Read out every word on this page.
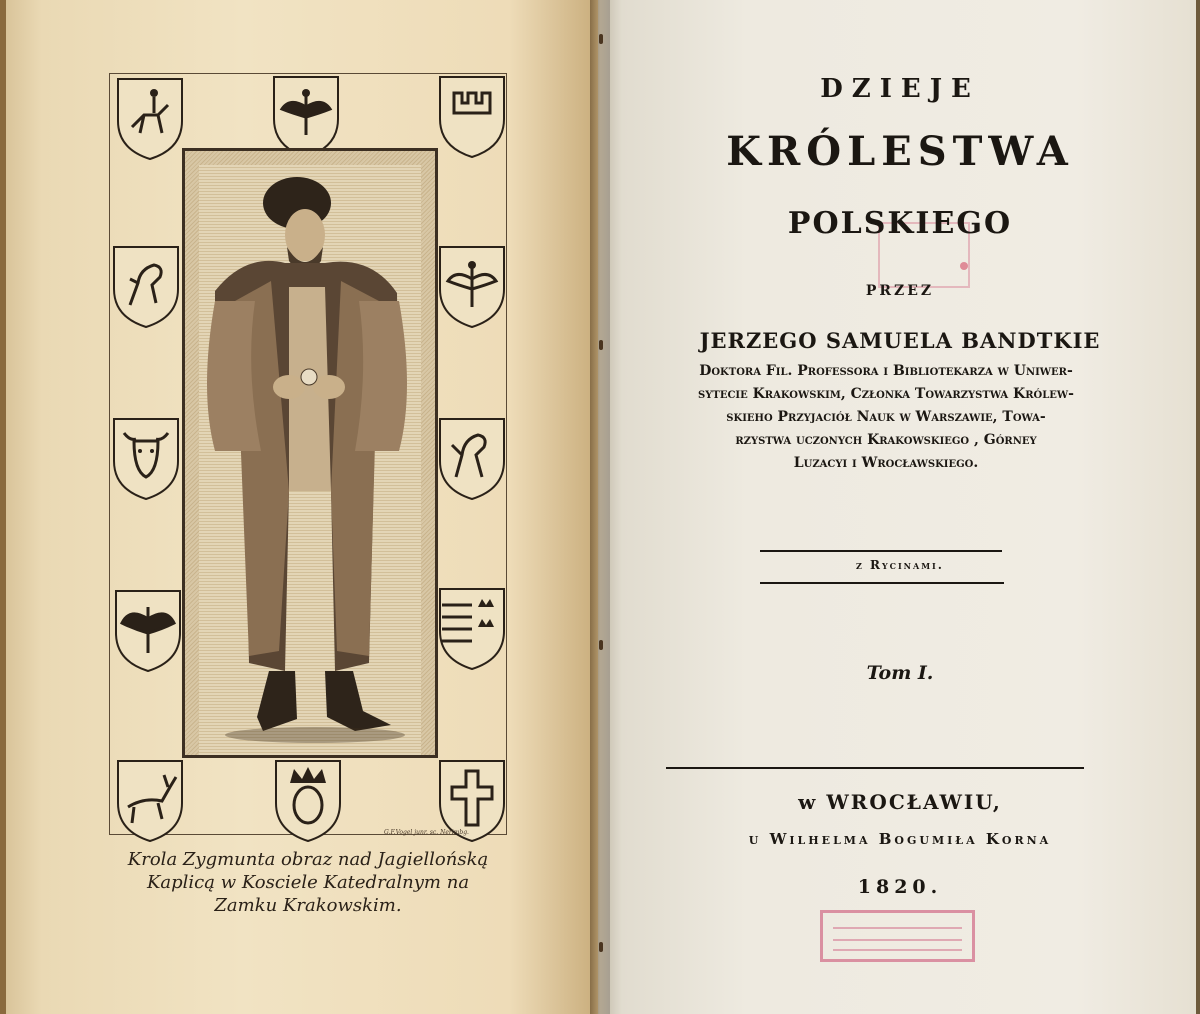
G.F.Vogel junr. sc. Nerimbg.
Krola Zygmunta obraz nad Jagiellońską
Kaplicą w Kosciele Katedralnym na
Zamku Krakowskim.
DZIEJE
KRÓLESTWA
POLSKIEGO
PRZEZ
JERZEGO SAMUELA BANDTKIE
Doktora Fil. Professora i Bibliotekarza w Uniwer-
sytecie Krakowskim, Członka Towarzystwa Królew-
skieho Przyjaciół Nauk w Warszawie, Towa-
rzystwa uczonych Krakowskiego , Górney
Luzacyi i Wrocławskiego.
z Rycinami.
Tom I.
w WROCŁAWIU,
u Wilhelma Bogumiła Korna
1820.
